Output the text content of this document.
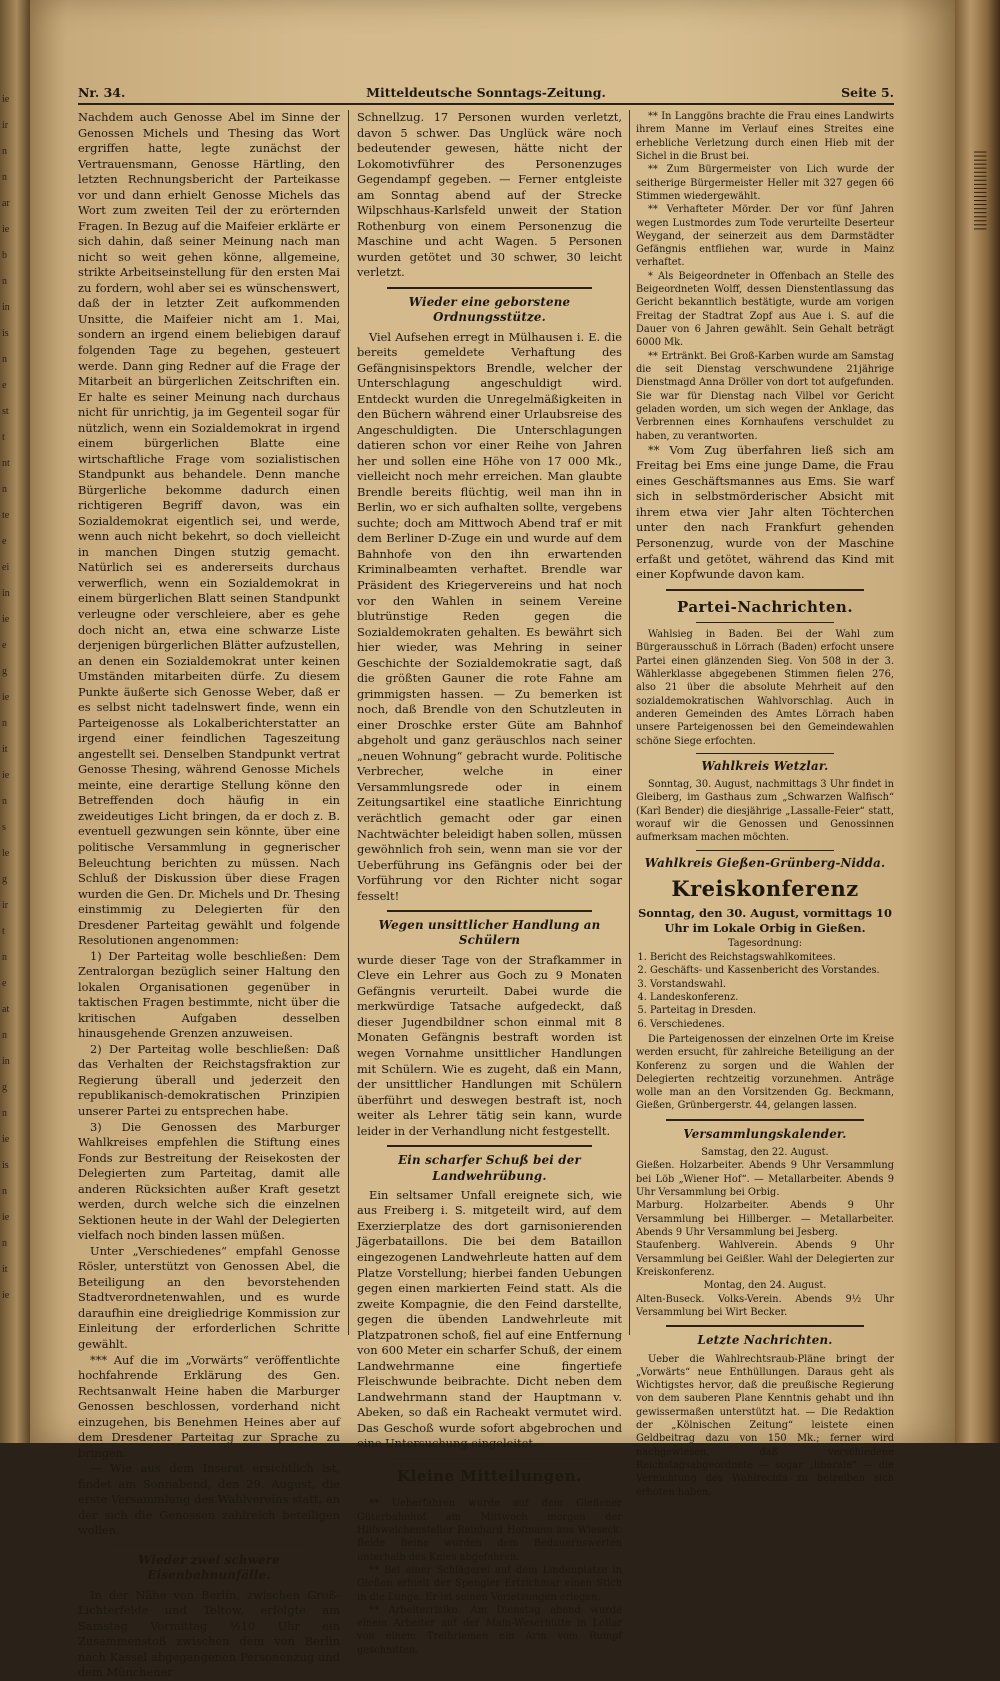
ie
ir
n
n
ar
ie
b
n
in
is
n
e
st
t
nt
n
te
e
ei
in
ie
e
g
ie
n
it
ie
n
s
le
g
ir
t
n
e
at
n
in
g
n
ie
is
n
ie
n
it
ie
||||||||||||||||||||
Nr. 34.	Mitteldeutsche Sonntags-Zeitung.	Seite 5.

Nachdem auch Genosse Abel im Sinne der Genossen Michels und Thesing das Wort ergriffen hatte, legte zunächst der Vertrauensmann, Genosse Härtling, den letzten Rechnungsbericht der Parteikasse vor und dann erhielt Genosse Michels das Wort zum zweiten Teil der zu erörternden Fragen. In Bezug auf die Maifeier erklärte er sich dahin, daß seiner Meinung nach man nicht so weit gehen könne, allgemeine, strikte Arbeitseinstellung für den ersten Mai zu fordern, wohl aber sei es wünschenswert, daß der in letzter Zeit aufkommenden Unsitte, die Maifeier nicht am 1. Mai, sondern an irgend einem beliebigen darauf folgenden Tage zu begehen, gesteuert werde. Dann ging Redner auf die Frage der Mitarbeit an bürgerlichen Zeitschriften ein. Er halte es seiner Meinung nach durchaus nicht für unrichtig, ja im Gegenteil sogar für nützlich, wenn ein Sozialdemokrat in irgend einem bürgerlichen Blatte eine wirtschaftliche Frage vom sozialistischen Standpunkt aus behandele. Denn manche Bürgerliche bekomme dadurch einen richtigeren Begriff davon, was ein Sozialdemokrat eigentlich sei, und werde, wenn auch nicht bekehrt, so doch vielleicht in manchen Dingen stutzig gemacht. Natürlich sei es andererseits durchaus verwerflich, wenn ein Sozialdemokrat in einem bürgerlichen Blatt seinen Standpunkt verleugne oder verschleiere, aber es gehe doch nicht an, etwa eine schwarze Liste derjenigen bürgerlichen Blätter aufzustellen, an denen ein Sozialdemokrat unter keinen Umständen mitarbeiten dürfe. Zu diesem Punkte äußerte sich Genosse Weber, daß er es selbst nicht tadelnswert finde, wenn ein Parteigenosse als Lokalberichterstatter an irgend einer feindlichen Tageszeitung angestellt sei. Denselben Standpunkt vertrat Genosse Thesing, während Genosse Michels meinte, eine derartige Stellung könne den Betreffenden doch häufig in ein zweideutiges Licht bringen, da er doch z. B. eventuell gezwungen sein könnte, über eine politische Versammlung in gegnerischer Beleuchtung berichten zu müssen. Nach Schluß der Diskussion über diese Fragen wurden die Gen. Dr. Michels und Dr. Thesing einstimmig zu Delegierten für den Dresdener Parteitag gewählt und folgende Resolutionen angenommen:

1) Der Parteitag wolle beschließen: Dem Zentralorgan bezüglich seiner Haltung den lokalen Organisationen gegenüber in taktischen Fragen bestimmte, nicht über die kritischen Aufgaben desselben hinausgehende Grenzen anzuweisen.

2) Der Parteitag wolle beschließen: Daß das Verhalten der Reichstagsfraktion zur Regierung überall und jederzeit den republikanisch-demokratischen Prinzipien unserer Partei zu entsprechen habe.

3) Die Genossen des Marburger Wahlkreises empfehlen die Stiftung eines Fonds zur Bestreitung der Reisekosten der Delegierten zum Parteitag, damit alle anderen Rücksichten außer Kraft gesetzt werden, durch welche sich die einzelnen Sektionen heute in der Wahl der Delegierten vielfach noch binden lassen müßen.

Unter „Verschiedenes“ empfahl Genosse Rösler, unterstützt von Genossen Abel, die Beteiligung an den bevorstehenden Stadtverordnetenwahlen, und es wurde daraufhin eine dreigliedrige Kommission zur Einleitung der erforderlichen Schritte gewählt.

*** Auf die im „Vorwärts“ veröffentlichte hochfahrende Erklärung des Gen. Rechtsanwalt Heine haben die Marburger Genossen beschlossen, vorderhand nicht einzugehen, bis Benehmen Heines aber auf dem Dresdener Parteitag zur Sprache zu bringen.

— Wie aus dem Inserat ersichtlich ist, findet am Sonnabend, den 29. August, die erste Versammlung des Wahlvereins statt, an der sich die Genossen zahlreich beteiligen wollen.

Wieder zwei schwere Eisenbahnunfälle.

In der Nähe von Berlin, zwischen Groß-Lichterfelde und Teltow, erfolgte am Samstag Vormittag ½10 Uhr ein Zusammenstoß zwischen dem von Berlin nach Kassel abgegangenen Personenzug und dem Münchener

Schnellzug. 17 Personen wurden verletzt, davon 5 schwer. Das Unglück wäre noch bedeutender gewesen, hätte nicht der Lokomotivführer des Personenzuges Gegendampf gegeben. — Ferner entgleiste am Sonntag abend auf der Strecke Wilpschhaus-Karlsfeld unweit der Station Rothenburg von einem Personenzug die Maschine und acht Wagen. 5 Personen wurden getötet und 30 schwer, 30 leicht verletzt.

Wieder eine geborstene Ordnungsstütze.

Viel Aufsehen erregt in Mülhausen i. E. die bereits gemeldete Verhaftung des Gefängnisinspektors Brendle, welcher der Unterschlagung angeschuldigt wird. Entdeckt wurden die Unregelmäßigkeiten in den Büchern während einer Urlaubsreise des Angeschuldigten. Die Unterschlagungen datieren schon vor einer Reihe von Jahren her und sollen eine Höhe von 17 000 Mk., vielleicht noch mehr erreichen. Man glaubte Brendle bereits flüchtig, weil man ihn in Berlin, wo er sich aufhalten sollte, vergebens suchte; doch am Mittwoch Abend traf er mit dem Berliner D-Zuge ein und wurde auf dem Bahnhofe von den ihn erwartenden Kriminalbeamten verhaftet. Brendle war Präsident des Kriegervereins und hat noch vor den Wahlen in seinem Vereine blutrünstige Reden gegen die Sozialdemokraten gehalten. Es bewährt sich hier wieder, was Mehring in seiner Geschichte der Sozialdemokratie sagt, daß die größten Gauner die rote Fahne am grimmigsten hassen. — Zu bemerken ist noch, daß Brendle von den Schutzleuten in einer Droschke erster Güte am Bahnhof abgeholt und ganz geräuschlos nach seiner „neuen Wohnung“ gebracht wurde. Politische Verbrecher, welche in einer Versammlungsrede oder in einem Zeitungsartikel eine staatliche Einrichtung verächtlich gemacht oder gar einen Nachtwächter beleidigt haben sollen, müssen gewöhnlich froh sein, wenn man sie vor der Ueberführung ins Gefängnis oder bei der Vorführung vor den Richter nicht sogar fesselt!

Wegen unsittlicher Handlung an Schülern

wurde dieser Tage von der Strafkammer in Cleve ein Lehrer aus Goch zu 9 Monaten Gefängnis verurteilt. Dabei wurde die merkwürdige Tatsache aufgedeckt, daß dieser Jugendbildner schon einmal mit 8 Monaten Gefängnis bestraft worden ist wegen Vornahme unsittlicher Handlungen mit Schülern. Wie es zugeht, daß ein Mann, der unsittlicher Handlungen mit Schülern überführt und deswegen bestraft ist, noch weiter als Lehrer tätig sein kann, wurde leider in der Verhandlung nicht festgestellt.

Ein scharfer Schuß bei der Landwehrübung.

Ein seltsamer Unfall ereignete sich, wie aus Freiberg i. S. mitgeteilt wird, auf dem Exerzierplatze des dort garnisonierenden Jägerbataillons. Die bei dem Bataillon eingezogenen Landwehrleute hatten auf dem Platze Vorstellung; hierbei fanden Uebungen gegen einen markierten Feind statt. Als die zweite Kompagnie, die den Feind darstellte, gegen die übenden Landwehrleute mit Platzpatronen schoß, fiel auf eine Entfernung von 600 Meter ein scharfer Schuß, der einem Landwehrmanne eine fingertiefe Fleischwunde beibrachte. Dicht neben dem Landwehrmann stand der Hauptmann v. Abeken, so daß ein Racheakt vermutet wird. Das Geschoß wurde sofort abgebrochen und eine Untersuchung eingeleitet.

Kleine Mitteilungen.

** Ueberfahren wurde auf dem Gießener Güterbahnhof am Mittwoch morgen der Hilfsweichensteller Reinhard Hofmann aus Wieseck. Beide Beine wurden dem Bedauernswerten unterhalb des Knies abgefahren.

** Bei einer Schlägerei auf dem Lindenplatze in Gießen erhielt der Spengler Ertzichmar einen Stich in die Lunge. Er ist seinen Verletzungen erlegen.

** Arbeiterrisiko. Am Dienstag abend wurde einem Arbeiter auf der Main-Weserhütte in Lollar von einem Treibriemen ein Arm vom Rumpf geschnitten.

** In Langgöns brachte die Frau eines Landwirts ihrem Manne im Verlauf eines Streites eine erhebliche Verletzung durch einen Hieb mit der Sichel in die Brust bei.

** Zum Bürgermeister von Lich wurde der seitherige Bürgermeister Heller mit 327 gegen 66 Stimmen wiedergewählt.

** Verhafteter Mörder. Der vor fünf Jahren wegen Lustmordes zum Tode verurteilte Deserteur Weygand, der seinerzeit aus dem Darmstädter Gefängnis entfliehen war, wurde in Mainz verhaftet.

* Als Beigeordneter in Offenbach an Stelle des Beigeordneten Wolff, dessen Dienstentlassung das Gericht bekanntlich bestätigte, wurde am vorigen Freitag der Stadtrat Zopf aus Aue i. S. auf die Dauer von 6 Jahren gewählt. Sein Gehalt beträgt 6000 Mk.

** Ertränkt. Bei Groß-Karben wurde am Samstag die seit Dienstag verschwundene 21jährige Dienstmagd Anna Dröller von dort tot aufgefunden. Sie war für Dienstag nach Vilbel vor Gericht geladen worden, um sich wegen der Anklage, das Verbrennen eines Kornhaufens verschuldet zu haben, zu verantworten.

** Vom Zug überfahren ließ sich am Freitag bei Ems eine junge Dame, die Frau eines Geschäftsmannes aus Ems. Sie warf sich in selbstmörderischer Absicht mit ihrem etwa vier Jahr alten Töchterchen unter den nach Frankfurt gehenden Personenzug, wurde von der Maschine erfaßt und getötet, während das Kind mit einer Kopfwunde davon kam.

Partei-Nachrichten.

Wahlsieg in Baden. Bei der Wahl zum Bürgerausschuß in Lörrach (Baden) erfocht unsere Partei einen glänzenden Sieg. Von 508 in der 3. Wählerklasse abgegebenen Stimmen fielen 276, also 21 über die absolute Mehrheit auf den sozialdemokratischen Wahlvorschlag. Auch in anderen Gemeinden des Amtes Lörrach haben unsere Parteigenossen bei den Gemeindewahlen schöne Siege erfochten.

Wahlkreis Wetzlar.

Sonntag, 30. August, nachmittags 3 Uhr findet in Gleiberg, im Gasthaus zum „Schwarzen Walfisch“ (Karl Bender) die diesjährige „Lassalle-Feier“ statt, worauf wir die Genossen und Genossinnen aufmerksam machen möchten.

Wahlkreis Gießen-Grünberg-Nidda.
Kreiskonferenz

Sonntag, den 30. August, vormittags 10 Uhr im Lokale Orbig in Gießen.

Tagesordnung:

1. Bericht des Reichstagswahlkomitees.
2. Geschäfts- und Kassenbericht des Vorstandes.
3. Vorstandswahl.
4. Landeskonferenz.
5. Parteitag in Dresden.
6. Verschiedenes.

Die Parteigenossen der einzelnen Orte im Kreise werden ersucht, für zahlreiche Beteiligung an der Konferenz zu sorgen und die Wahlen der Delegierten rechtzeitig vorzunehmen. Anträge wolle man an den Vorsitzenden Gg. Beckmann, Gießen, Grünbergerstr. 44, gelangen lassen.

Versammlungskalender.

Samstag, den 22. August.

Gießen. Holzarbeiter. Abends 9 Uhr Versammlung bei Löb „Wiener Hof“. — Metallarbeiter. Abends 9 Uhr Versammlung bei Orbig.

Marburg. Holzarbeiter. Abends 9 Uhr Versammlung bei Hillberger. — Metallarbeiter. Abends 9 Uhr Versammlung bei Jesberg.

Staufenberg. Wahlverein. Abends 9 Uhr Versammlung bei Geißler. Wahl der Delegierten zur Kreiskonferenz.

Montag, den 24. August.

Alten-Buseck. Volks-Verein. Abends 9½ Uhr Versammlung bei Wirt Becker.

Letzte Nachrichten.

Ueber die Wahlrechtsraub-Pläne bringt der „Vorwärts“ neue Enthüllungen. Daraus geht als Wichtigstes hervor, daß die preußische Regierung von dem sauberen Plane Kenntnis gehabt und ihn gewissermaßen unterstützt hat. — Die Redaktion der „Kölnischen Zeitung“ leistete einen Geldbeitrag dazu von 150 Mk.; ferner wird nachgewiesen, daß verschiedene Reichstagsabgeordnete — sogar „liberale“ — die Vernichtung des Wahlrechts zu betreiben sich erboten haben.
